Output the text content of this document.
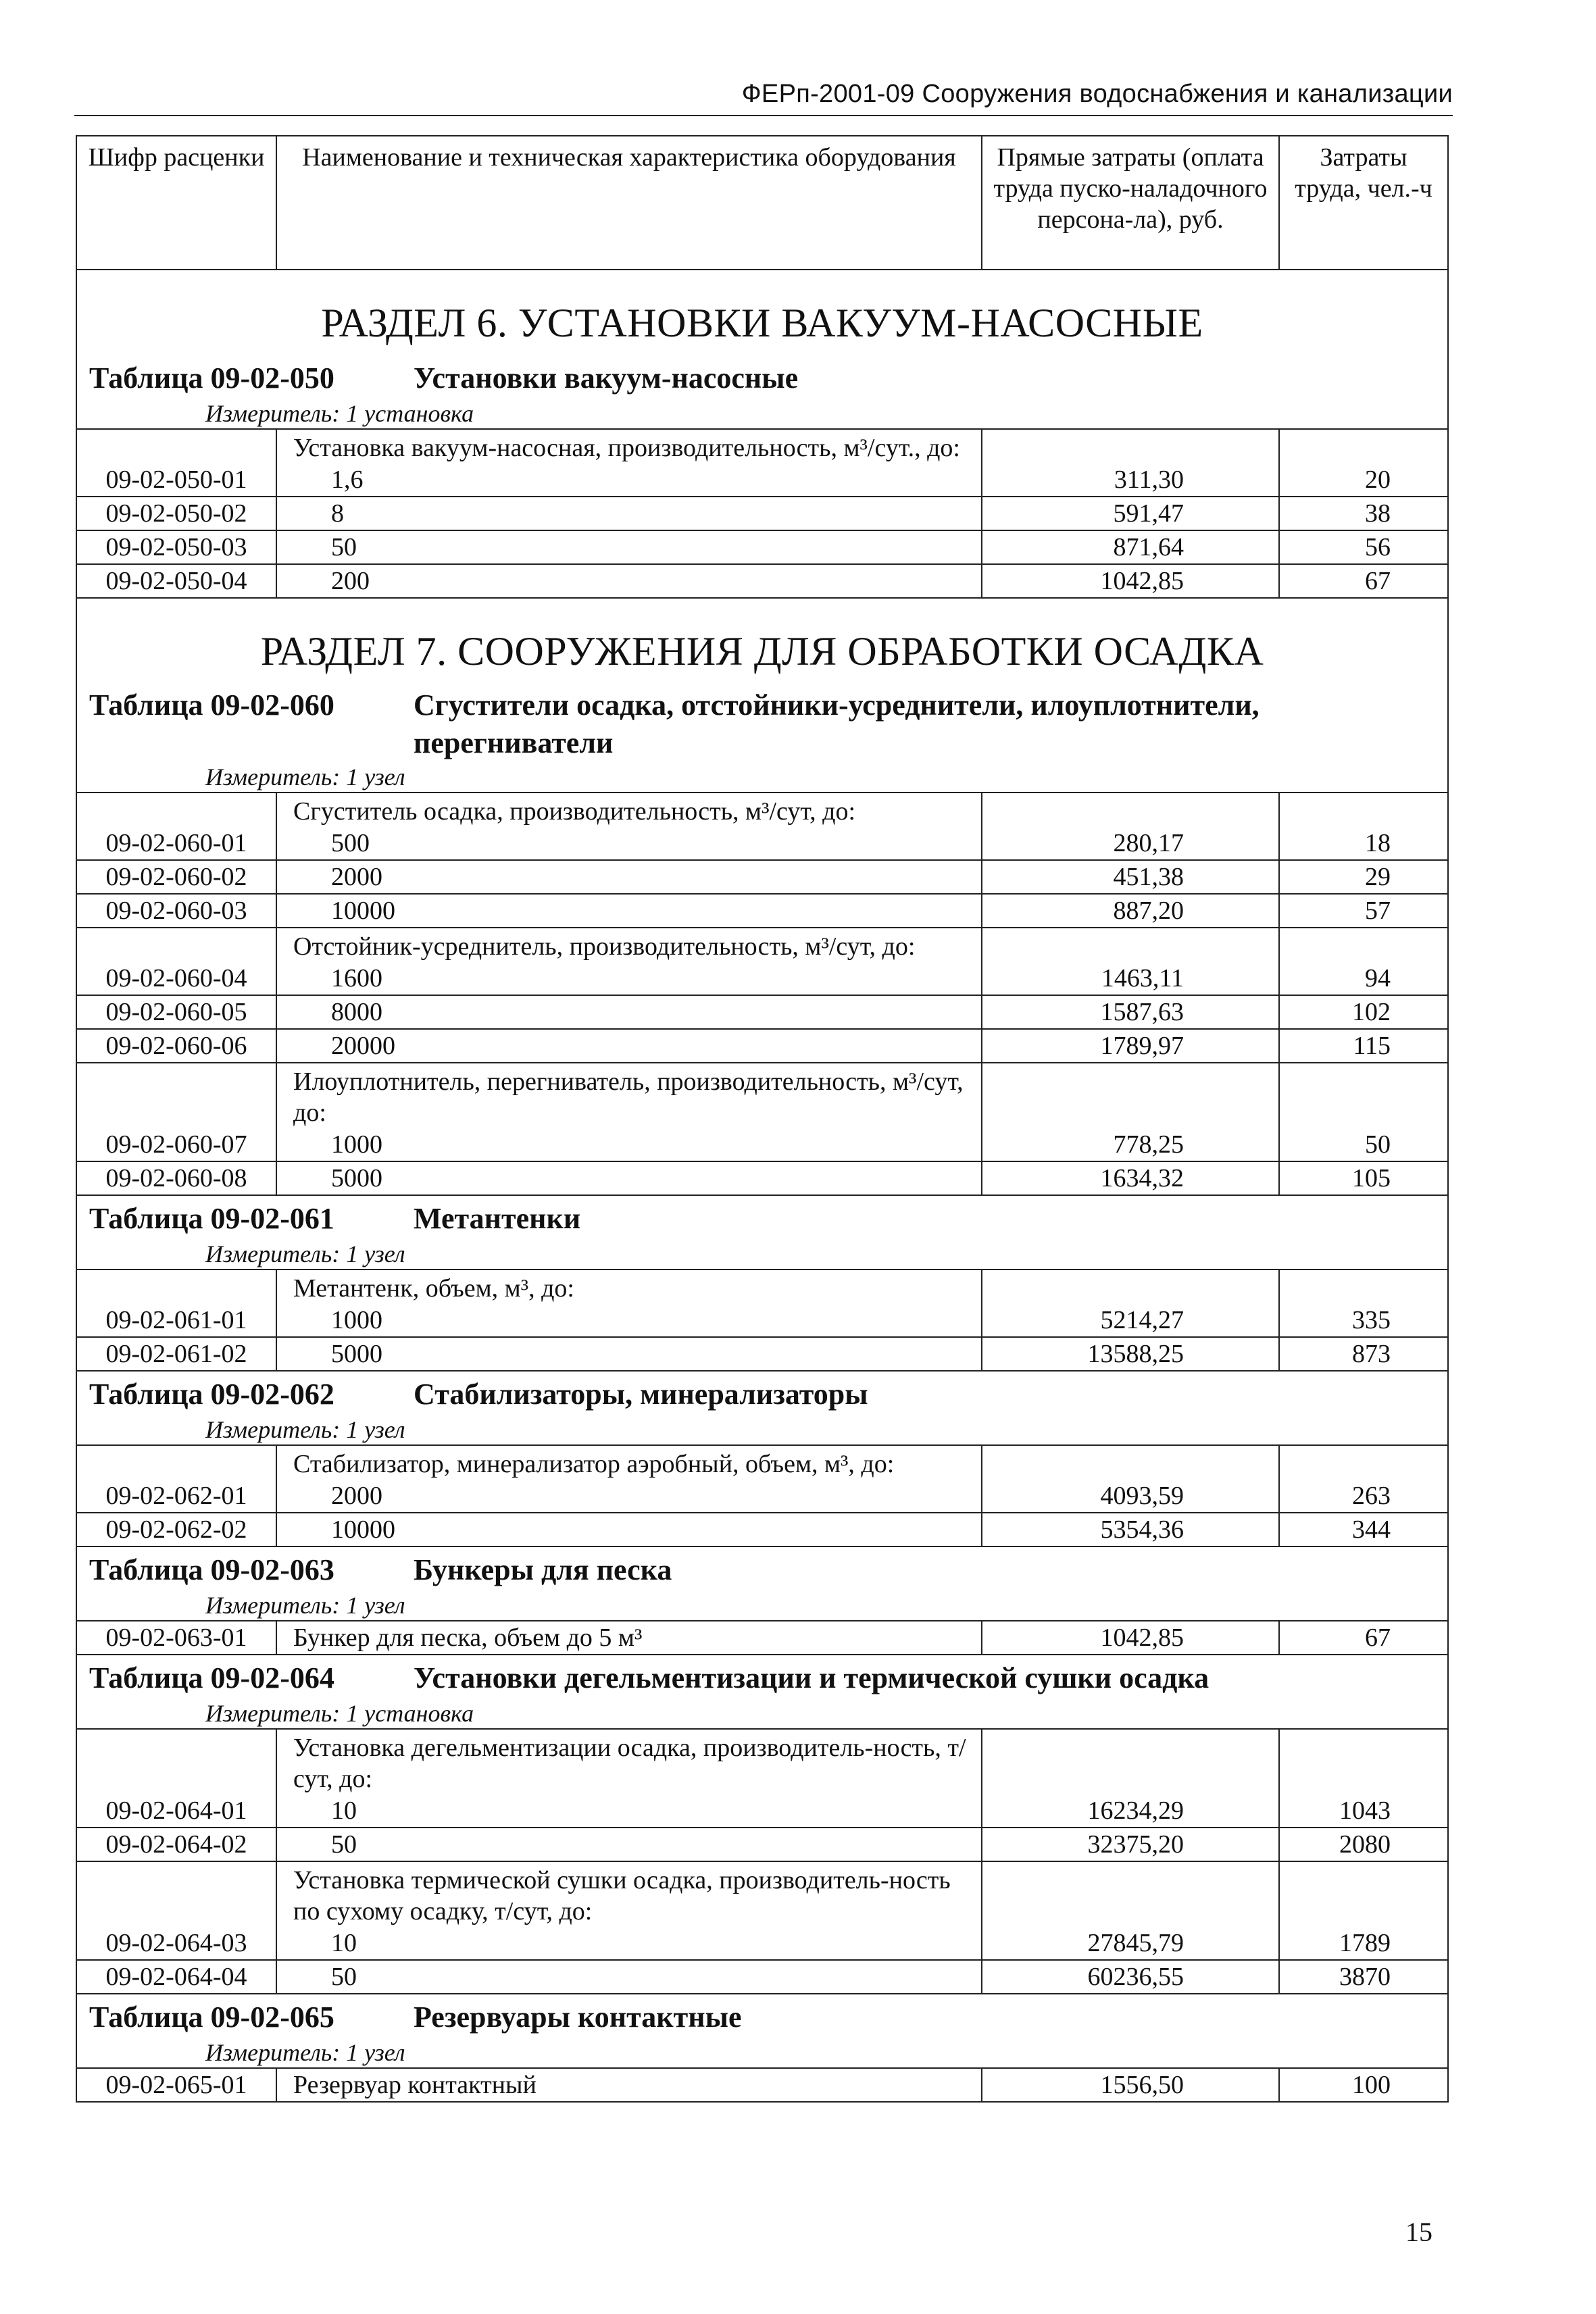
ФЕРп-2001-09 Сооружения водоснабжения и канализации
Шифр расценки	Наименование и техническая характеристика оборудования	Прямые затраты (оплата труда пуско-наладочного персона-ла), руб.	Затраты труда, чел.-ч
РАЗДЕЛ 6. УСТАНОВКИ ВАКУУМ-НАСОСНЫЕ			
Таблица 09-02-050 Установки вакуум-насосные			
Измеритель: 1 установка			
	Установка вакуум-насосная, производительность, м³/сут., до:		
09-02-050-01	1,6	311,30	20
09-02-050-02	8	591,47	38
09-02-050-03	50	871,64	56
09-02-050-04	200	1042,85	67
РАЗДЕЛ 7. СООРУЖЕНИЯ ДЛЯ ОБРАБОТКИ ОСАДКА			
Таблица 09-02-060 Сгустители осадка, отстойники-усреднители, илоуплотнители, перегниватели			
Измеритель: 1 узел			
	Сгуститель осадка, производительность, м³/сут, до:		
09-02-060-01	500	280,17	18
09-02-060-02	2000	451,38	29
09-02-060-03	10000	887,20	57
	Отстойник-усреднитель, производительность, м³/сут, до:		
09-02-060-04	1600	1463,11	94
09-02-060-05	8000	1587,63	102
09-02-060-06	20000	1789,97	115
	Илоуплотнитель, перегниватель, производительность, м³/сут, до:		
09-02-060-07	1000	778,25	50
09-02-060-08	5000	1634,32	105
Таблица 09-02-061 Метантенки			
Измеритель: 1 узел			
	Метантенк, объем, м³, до:		
09-02-061-01	1000	5214,27	335
09-02-061-02	5000	13588,25	873
Таблица 09-02-062 Стабилизаторы, минерализаторы			
Измеритель: 1 узел			
	Стабилизатор, минерализатор аэробный, объем, м³, до:		
09-02-062-01	2000	4093,59	263
09-02-062-02	10000	5354,36	344
Таблица 09-02-063 Бункеры для песка			
Измеритель: 1 узел			
09-02-063-01	Бункер для песка, объем до 5 м³	1042,85	67
Таблица 09-02-064 Установки дегельментизации и термической сушки осадка			
Измеритель: 1 установка			
	Установка дегельментизации осадка, производитель-ность, т/сут, до:		
09-02-064-01	10	16234,29	1043
09-02-064-02	50	32375,20	2080
	Установка термической сушки осадка, производитель-ность по сухому осадку, т/сут, до:		
09-02-064-03	10	27845,79	1789
09-02-064-04	50	60236,55	3870
Таблица 09-02-065 Резервуары контактные			
Измеритель: 1 узел			
09-02-065-01	Резервуар контактный	1556,50	100
15
